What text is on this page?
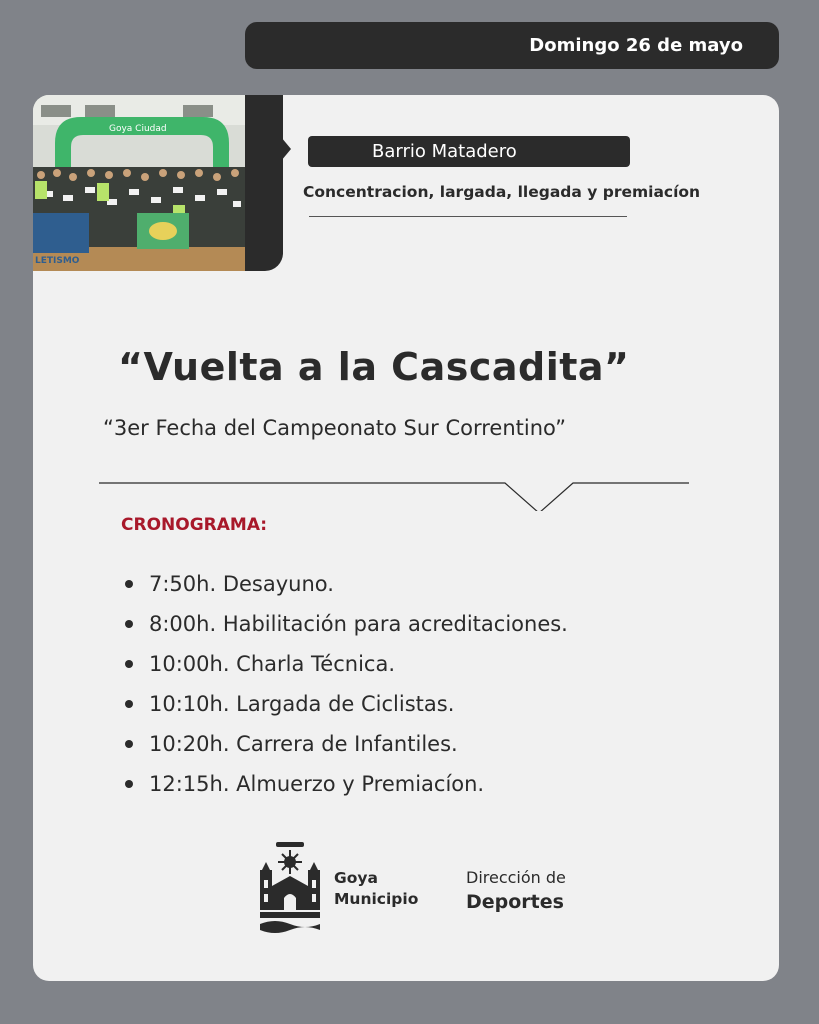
Domingo 26 de mayo
Goya Ciudad
LETISMO
Barrio Matadero
Concentracion, largada, llegada y premiacíon
“Vuelta a la Cascadita”
“3er Fecha del Campeonato Sur Correntino”
CRONOGRAMA:
7:50h. Desayuno.
8:00h. Habilitación para acreditaciones.
10:00h. Charla Técnica.
10:10h. Largada de Ciclistas.
10:20h. Carrera de Infantiles.
12:15h. Almuerzo y Premiacíon.
Goya
Municipio
Dirección de
Deportes
